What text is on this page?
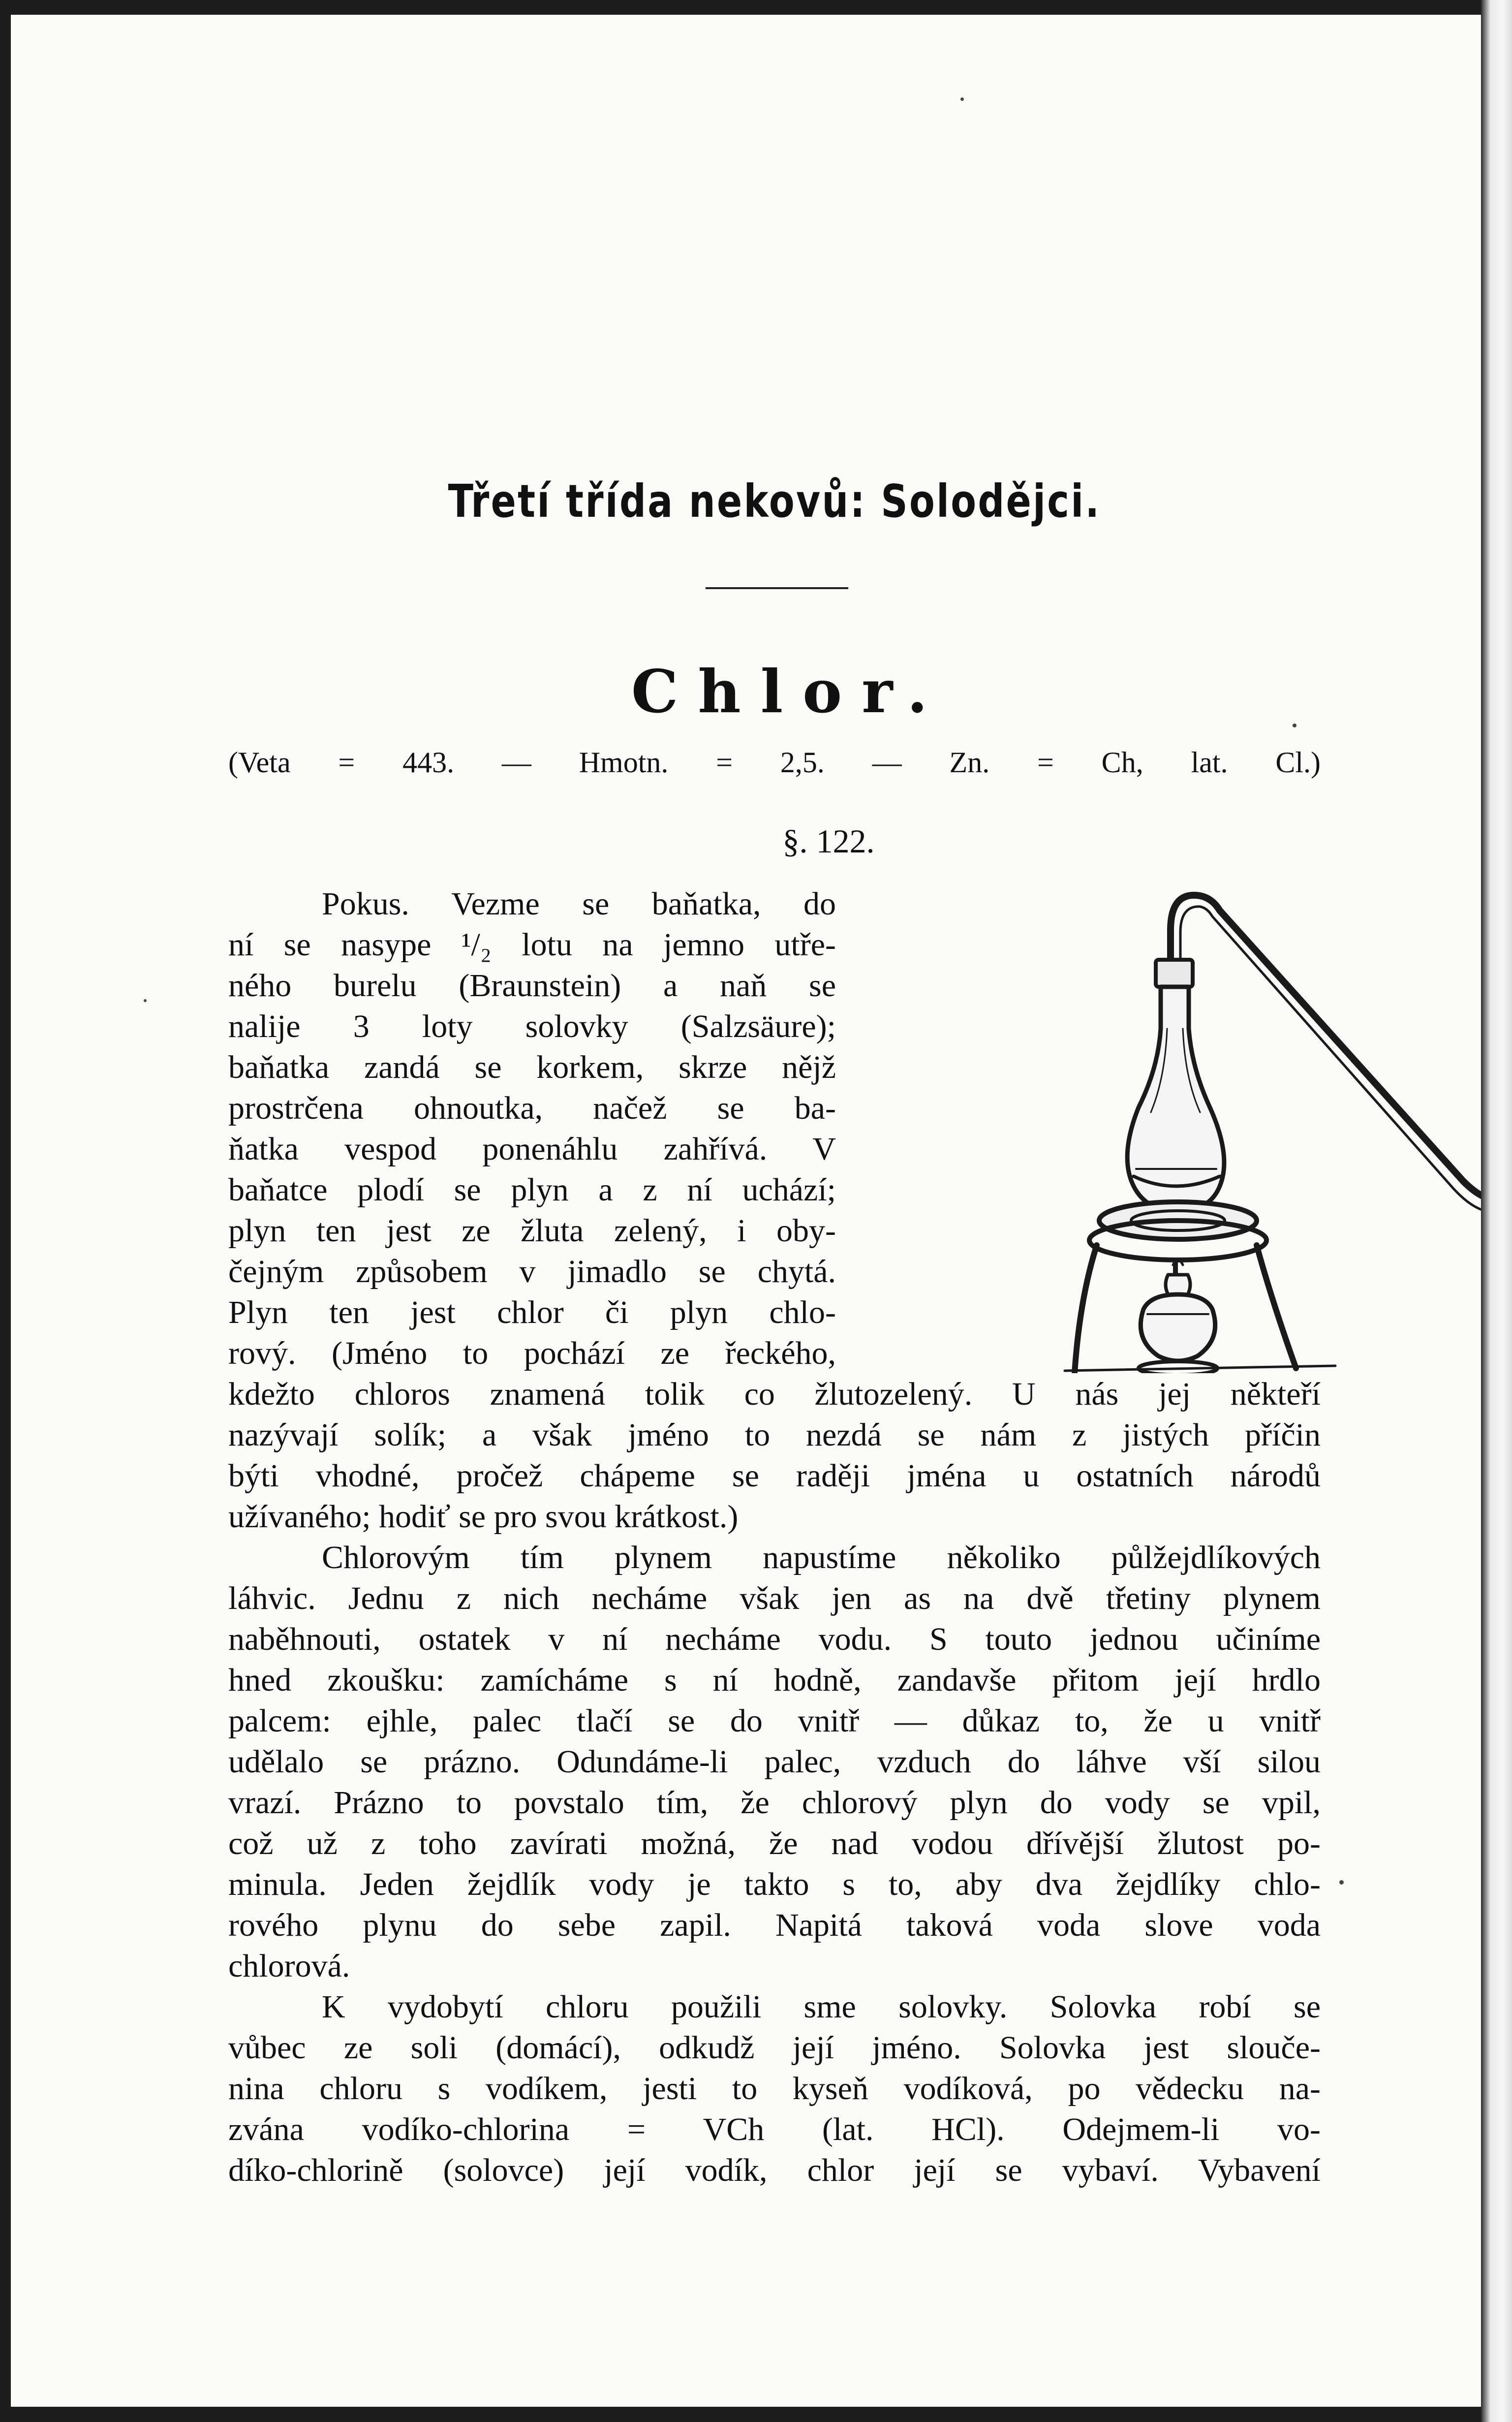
Třetí třída nekovů: Solodějci.
Chlor.
(Veta = 443. — Hmotn. = 2,5. — Zn. = Ch, lat. Cl.)
§. 122.
Pokus. Vezme se baňatka, do
ní se nasype ¹/₂ lotu na jemno utře-
ného burelu (Braunstein) a naň se
nalije 3 loty solovky (Salzsäure);
baňatka zandá se korkem, skrze nějž
prostrčena ohnoutka, načež se ba-
ňatka vespod ponenáhlu zahřívá. V
baňatce plodí se plyn a z ní uchází;
plyn ten jest ze žluta zelený, i oby-
čejným způsobem v jimadlo se chytá.
Plyn ten jest chlor či plyn chlo-
rový. (Jméno to pochází ze řeckého,
kdežto chloros znamená tolik co žlutozelený. U nás jej někteří
nazývají solík; a však jméno to nezdá se nám z jistých příčin
býti vhodné, pročež chápeme se raději jména u ostatních národů
užívaného; hodiť se pro svou krátkost.)
Chlorovým tím plynem napustíme několiko půlžejdlíkových
láhvic. Jednu z nich necháme však jen as na dvě třetiny plynem
naběhnouti, ostatek v ní necháme vodu. S touto jednou učiníme
hned zkoušku: zamícháme s ní hodně, zandavše přitom její hrdlo
palcem: ejhle, palec tlačí se do vnitř — důkaz to, že u vnitř
udělalo se prázno. Odundáme-li palec, vzduch do láhve vší silou
vrazí. Prázno to povstalo tím, že chlorový plyn do vody se vpil,
což už z toho zavírati možná, že nad vodou dřívější žlutost po-
minula. Jeden žejdlík vody je takto s to, aby dva žejdlíky chlo-
rového plynu do sebe zapil. Napitá taková voda slove voda
chlorová.
K vydobytí chloru použili sme solovky. Solovka robí se
vůbec ze soli (domácí), odkudž její jméno. Solovka jest slouče-
nina chloru s vodíkem, jesti to kyseň vodíková, po vědecku na-
zvána vodíko-chlorina = VCh (lat. HCl). Odejmem-li vo-
díko-chlorině (solovce) její vodík, chlor její se vybaví. Vybavení
